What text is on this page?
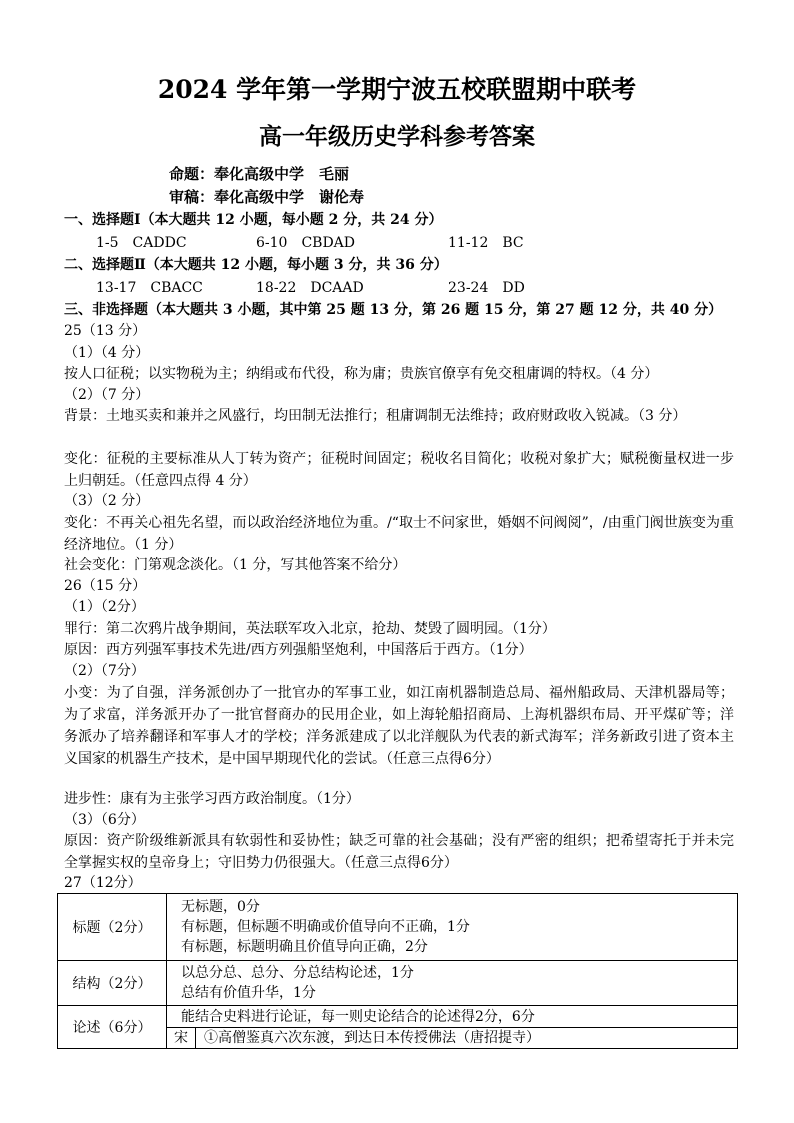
2024 学年第一学期宁波五校联盟期中联考
高一年级历史学科参考答案
命题：奉化高级中学　毛丽
审稿：奉化高级中学　谢伦寿
一、选择题Ⅰ（本大题共 12 小题，每小题 2 分，共 24 分）
1-5　CADDC	6-10　CBDAD	11-12　BC
二、选择题Ⅱ（本大题共 12 小题，每小题 3 分，共 36 分）
13-17　CBACC	18-22　DCAAD	23-24　DD
三、非选择题（本大题共 3 小题，其中第 25 题 13 分，第 26 题 15 分，第 27 题 12 分，共 40 分）
25（13 分）
（1）（4 分）
按人口征税；以实物税为主；纳绢或布代役，称为庸；贵族官僚享有免交租庸调的特权。（4 分）
（2）（7 分）
背景：土地买卖和兼并之风盛行，均田制无法推行；租庸调制无法维持；政府财政收入锐减。（3 分）
变化：征税的主要标准从人丁转为资产；征税时间固定；税收名目简化；收税对象扩大；赋税衡量权进一步上归朝廷。（任意四点得 4 分）
（3）（2 分）
变化：不再关心祖先名望，而以政治经济地位为重。/“取士不问家世，婚姻不问阀阅”，/由重门阀世族变为重经济地位。（1 分）
社会变化：门第观念淡化。（1 分，写其他答案不给分）
26（15 分）
（1）（2分）
罪行：第二次鸦片战争期间，英法联军攻入北京，抢劫、焚毁了圆明园。（1分）
原因：西方列强军事技术先进/西方列强船坚炮利，中国落后于西方。（1分）
（2）（7分）
小变：为了自强，洋务派创办了一批官办的军事工业，如江南机器制造总局、福州船政局、天津机器局等；为了求富，洋务派开办了一批官督商办的民用企业，如上海轮船招商局、上海机器织布局、开平煤矿等；洋务派办了培养翻译和军事人才的学校；洋务派建成了以北洋舰队为代表的新式海军；洋务新政引进了资本主义国家的机器生产技术，是中国早期现代化的尝试。（任意三点得6分）
进步性：康有为主张学习西方政治制度。（1分）
（3）（6分）
原因：资产阶级维新派具有软弱性和妥协性；缺乏可靠的社会基础；没有严密的组织；把希望寄托于并未完全掌握实权的皇帝身上；守旧势力仍很强大。（任意三点得6分）
27（12分）
标题（2分）	无标题，0分
有标题，但标题不明确或价值导向不正确，1分
有标题，标题明确且价值导向正确，2分

结构（2分）	以总分总、总分、分总结构论述，1分
总结有价值升华，1分

论述（6分）	能结合史料进行论证，每一则史论结合的论述得2分，6分
宋 ①高僧鉴真六次东渡，到达日本传授佛法（唐招提寺）
